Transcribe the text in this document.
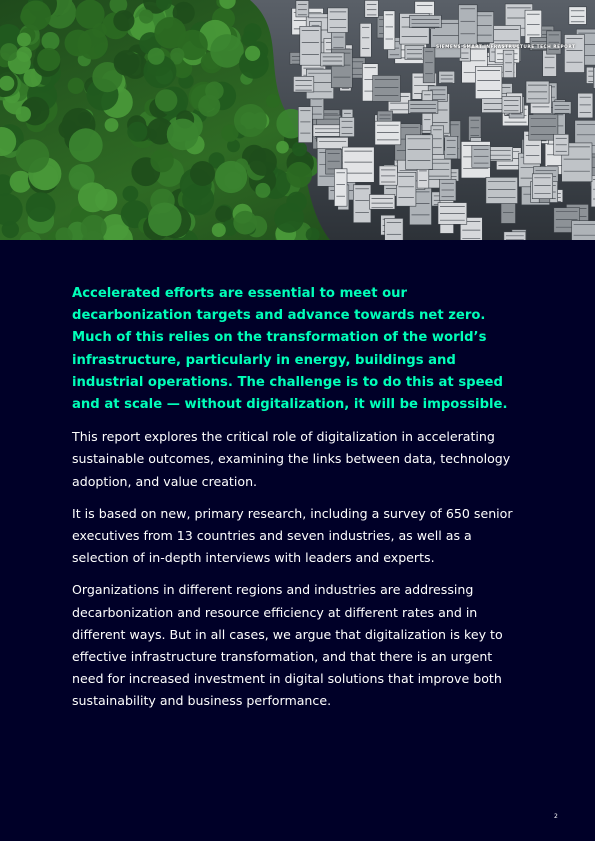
SIEMENS SMART INFRASTRUCTURE TECH REPORT

Accelerated efforts are essential to meet our decarbonization targets and advance towards net zero. Much of this relies on the transformation of the world’s infrastructure, particularly in energy, buildings and industrial operations. The challenge is to do this at speed and at scale — without digitalization, it will be impossible.

This report explores the critical role of digitalization in accelerating sustainable outcomes, examining the links between data, technology adoption, and value creation.

It is based on new, primary research, including a survey of 650 senior executives from 13 countries and seven industries, as well as a selection of in-depth interviews with leaders and experts.

Organizations in different regions and industries are addressing decarbonization and resource efficiency at different rates and in different ways. But in all cases, we argue that digitalization is key to effective infrastructure transformation, and that there is an urgent need for increased investment in digital solutions that improve both sustainability and business performance.

2
